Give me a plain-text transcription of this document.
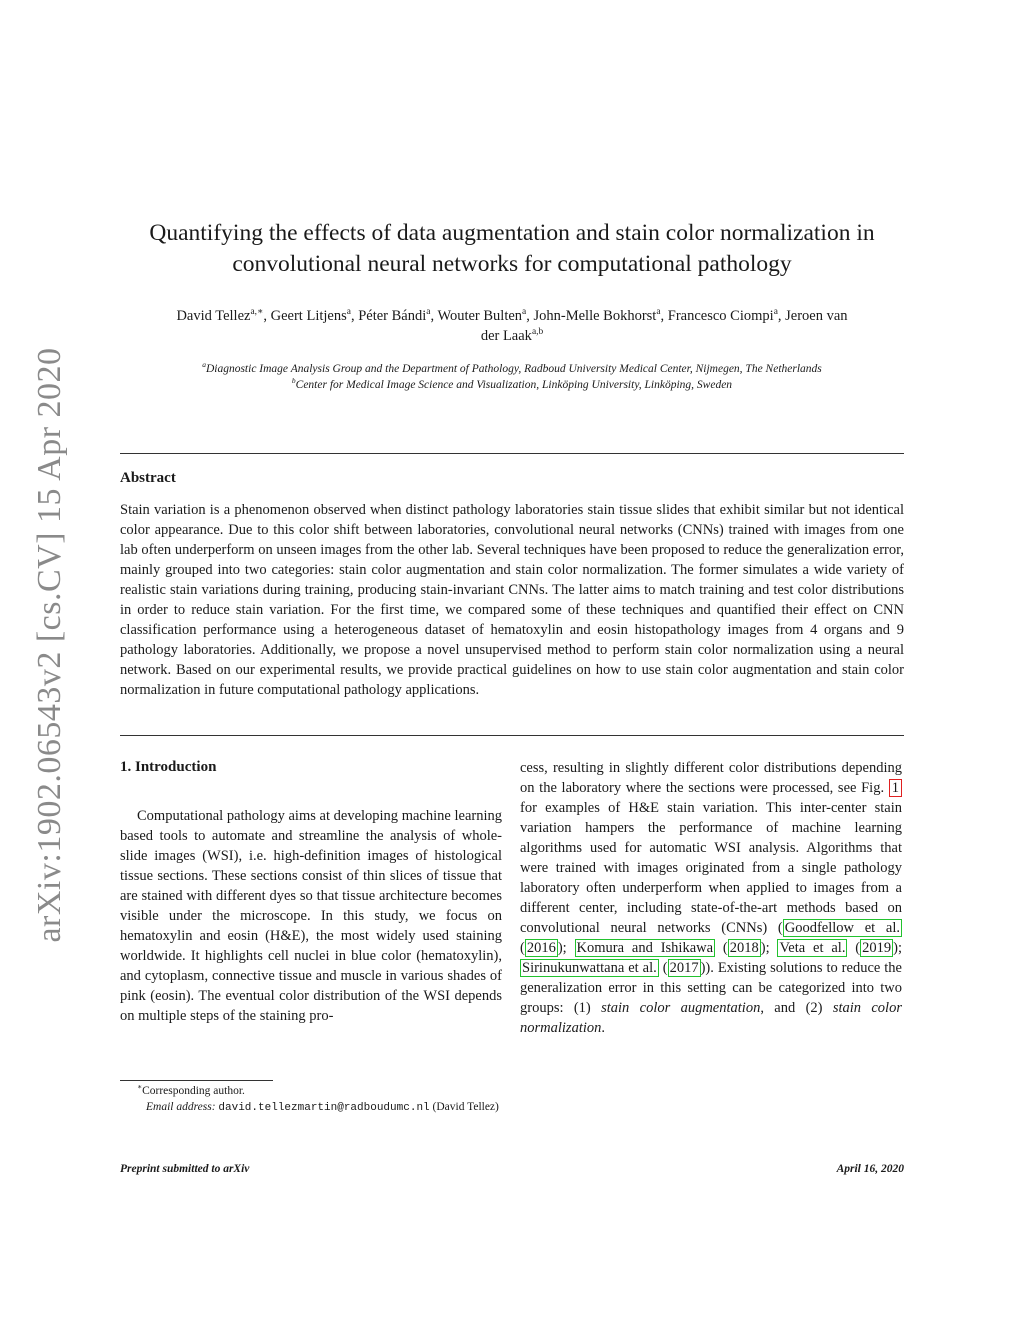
arXiv:1902.06543v2 [cs.CV] 15 Apr 2020
Quantifying the effects of data augmentation and stain color normalization in
convolutional neural networks for computational pathology
David Tellez$^{a,∗}$, Geert Litjens$^a$, Péter Bándi$^a$, Wouter Bulten$^a$, John-Melle Bokhorst$^a$, Francesco Ciompi$^a$, Jeroen van
der Laak$^{a,b}$
$^a$Diagnostic Image Analysis Group and the Department of Pathology, Radboud University Medical Center, Nijmegen, The Netherlands
$^b$Center for Medical Image Science and Visualization, Linköping University, Linköping, Sweden
Abstract
Stain variation is a phenomenon observed when distinct pathology laboratories stain tissue slides that exhibit similar but not identical color appearance. Due to this color shift between laboratories, convolutional neural networks (CNNs) trained with images from one lab often underperform on unseen images from the other lab. Several techniques have been proposed to reduce the generalization error, mainly grouped into two categories: stain color augmentation and stain color normalization. The former simulates a wide variety of realistic stain variations during training, producing stain-invariant CNNs. The latter aims to match training and test color distributions in order to reduce stain variation. For the first time, we compared some of these techniques and quantified their effect on CNN classification performance using a heterogeneous dataset of hematoxylin and eosin histopathology images from 4 organs and 9 pathology laboratories. Additionally, we propose a novel unsupervised method to perform stain color normalization using a neural network. Based on our experimental results, we provide practical guidelines on how to use stain color augmentation and stain color normalization in future computational pathology applications.
1. Introduction

Computational pathology aims at developing machine learning based tools to automate and streamline the analysis of whole-slide images (WSI), i.e. high-definition images of histological tissue sections. These sections consist of thin slices of tissue that are stained with different dyes so that tissue architecture becomes visible under the microscope. In this study, we focus on hematoxylin and eosin (H&E), the most widely used staining worldwide. It highlights cell nuclei in blue color (hematoxylin), and cytoplasm, connective tissue and muscle in various shades of pink (eosin). The eventual color distribution of the WSI depends on multiple steps of the staining pro-

cess, resulting in slightly different color distributions depending on the laboratory where the sections were processed, see Fig. 1 for examples of H&E stain variation. This inter-center stain variation hampers the performance of machine learning algorithms used for automatic WSI analysis. Algorithms that were trained with images originated from a single pathology laboratory often underperform when applied to images from a different center, including state-of-the-art methods based on convolutional neural networks (CNNs) ( Goodfellow et al. ( 2016 ); Komura and Ishikawa ( 2018 ); Veta et al. ( 2019 ); Sirinukunwattana et al. ( 2017 )). Existing solutions to reduce the generalization error in this setting can be categorized into two groups: (1) stain color augmentation, and (2) stain color normalization.
∗Corresponding author.
Email address: david.tellezmartin@radboudumc.nl (David Tellez)
Preprint submitted to arXiv	April 16, 2020
